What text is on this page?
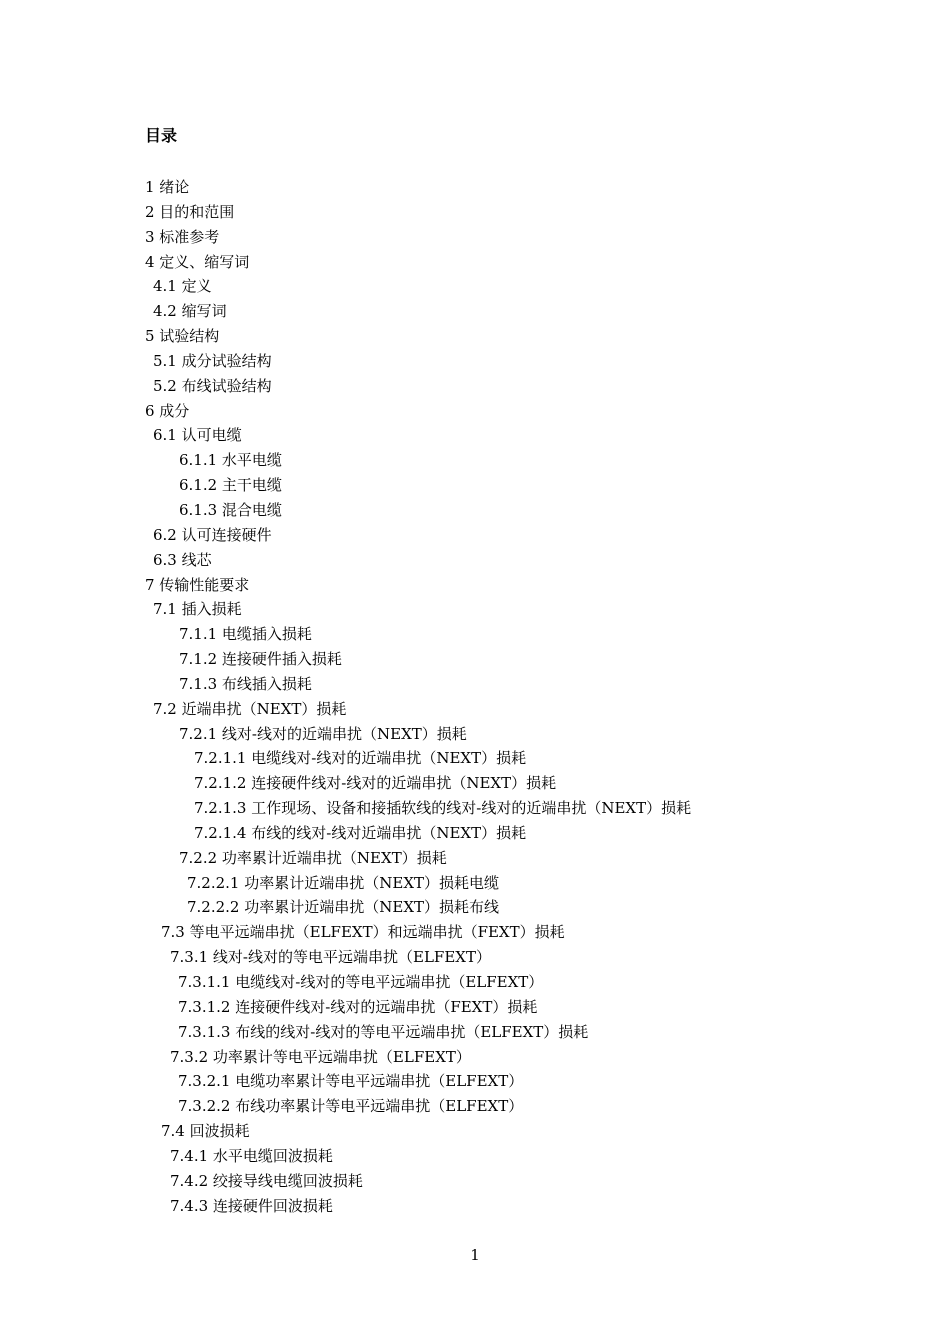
目录
1 绪论
2 目的和范围
3 标准参考
4 定义、缩写词
4.1 定义
4.2 缩写词
5 试验结构
5.1 成分试验结构
5.2 布线试验结构
6 成分
6.1 认可电缆
6.1.1 水平电缆
6.1.2 主干电缆
6.1.3 混合电缆
6.2 认可连接硬件
6.3 线芯
7 传输性能要求
7.1 插入损耗
7.1.1 电缆插入损耗
7.1.2 连接硬件插入损耗
7.1.3 布线插入损耗
7.2 近端串扰（NEXT）损耗
7.2.1 线对-线对的近端串扰（NEXT）损耗
7.2.1.1 电缆线对-线对的近端串扰（NEXT）损耗
7.2.1.2 连接硬件线对-线对的近端串扰（NEXT）损耗
7.2.1.3 工作现场、设备和接插软线的线对-线对的近端串扰（NEXT）损耗
7.2.1.4 布线的线对-线对近端串扰（NEXT）损耗
7.2.2 功率累计近端串扰（NEXT）损耗
7.2.2.1 功率累计近端串扰（NEXT）损耗电缆
7.2.2.2 功率累计近端串扰（NEXT）损耗布线
7.3 等电平远端串扰（ELFEXT）和远端串扰（FEXT）损耗
7.3.1 线对-线对的等电平远端串扰（ELFEXT）
7.3.1.1 电缆线对-线对的等电平远端串扰（ELFEXT）
7.3.1.2 连接硬件线对-线对的远端串扰（FEXT）损耗
7.3.1.3 布线的线对-线对的等电平远端串扰（ELFEXT）损耗
7.3.2 功率累计等电平远端串扰（ELFEXT）
7.3.2.1 电缆功率累计等电平远端串扰（ELFEXT）
7.3.2.2 布线功率累计等电平远端串扰（ELFEXT）
7.4 回波损耗
7.4.1 水平电缆回波损耗
7.4.2 绞接导线电缆回波损耗
7.4.3 连接硬件回波损耗
1
